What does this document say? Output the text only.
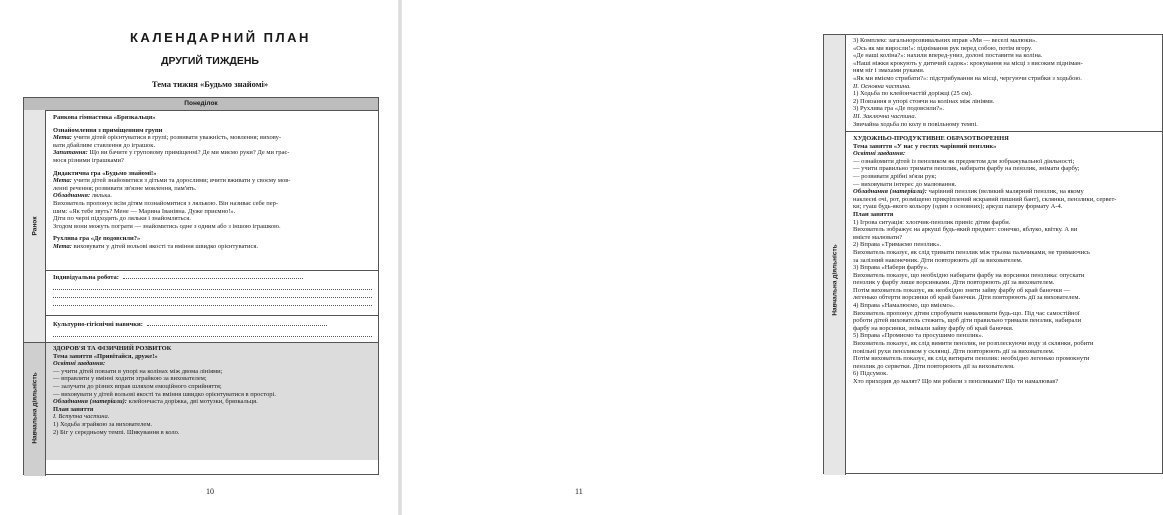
КАЛЕНДАРНИЙ ПЛАН
ДРУГИЙ ТИЖДЕНЬ
Тема тижня «Будьмо знайомі»
Понеділок
Ранок
Навчальна діяльність
Ранкова гімнастика «Брязкальця»
Ознайомлення з приміщенням групи
Мета: учити дітей орієнтуватися в групі; розвивати уважність, мовлення; вихову-
вати дбайливе ставлення до іграшок.
Запитання: Що ви бачите у груповому приміщенні? Де ми миємо руки? Де ми грає-
мося різними іграшками?
Дидактична гра «Будьмо знайомі!»
Мета: учити дітей знайомитися з дітьми та дорослими; вчити вживати у своєму мов-
ленні речення; розвивати зв'язне мовлення, пам'ять.
Обладнання: лялька.
Вихователь пропонує всім дітям познайомитися з лялькою. Він називає себе пер-
шим: «Як тебе звуть? Мене — Марина Іванівна. Дуже приємно!».
Діти по черзі підходять до ляльки і знайомляться.
Згодом вони можуть пограти — знайомитись одне з одним або з іншою іграшкою.
Рухлива гра «Де подовсили?»
Мета: виховувати у дітей вольові якості та вміння швидко орієнтуватися.
Індивідуальна робота:
Культурно-гігієнічні навички:
ЗДОРОВ'Я ТА ФІЗИЧНИЙ РОЗВИТОК
Тема заняття «Привітайся, друже!»
Освітні завдання:
— учити дітей повзати в упорі на колінах між двома лініями;
— вправляти у вмінні ходити зграйкою за вихователем;
— залучати до різних вправ шляхом емоційного сприйняття;
— виховувати у дітей вольові якості та вміння швидко орієнтуватися в просторі.
Обладнання (матеріали): клейончаста доріжка, дві мотузки, брязкальця.
План заняття
I. Вступна частина.
1) Ходьба зграйкою за вихователем.
2) Біг у середньому темпі. Шикування в коло.
10
Навчальна діяльність
3) Комплекс загальнорозвивальних вправ «Ми — веселі малюки».
«Ось як ми виросли!»: піднімання рук перед собою, потім вгору.
«Де наші коліна?»: нахили вперед-униз, долоні поставити на коліна.
«Наші ніжки крокують у дитячий садок»: крокування на місці з високим підніман-
ням ніг і змахами руками.
«Як ми вміємо стрибати?»: підстрибування на місці, чергуючи стрибки з ходьбою.
II. Основна частина.
1) Ходьба по клейончастій доріжці (25 см).
2) Повзання в упорі стоячи на колінах між лініями.
3) Рухлива гра «Де подовсили?».
III. Заключна частина.
Звичайна ходьба по колу в повільному темпі.
ХУДОЖНЬО-ПРОДУКТИВНЕ ОБРАЗОТВОРЕННЯ
Тема заняття «У нас у гостях чарівний пензлик»
Освітні завдання:
— ознайомити дітей із пензликом як предметом для зображувальної діяльності;
— учити правильно тримати пензлик, набирати фарбу на пензлик, знімати фарбу;
— розвивати дрібні м'язи рук;
— виховувати інтерес до малювання.
Обладнання (матеріали): чарівний пензлик (великий малярний пензлик, на якому
наклеєні очі, рот, розміщено прикріплений яскравий пишний бант), склянки, пензлики, сервет-
ки; гуаш будь-якого кольору (один з основних); аркуш паперу формату А-4.
План заняття
1) Ігрова ситуація: хлопчик-пензлик приніс дітям фарби.
Вихователь зображує на аркуші будь-який предмет: сонечко, яблуко, квітку. А ви
вмієте малювати?
2) Вправа «Тримаємо пензлик».
Вихователь показує, як слід тримати пензлик між трьома пальчиками, не тримаючись
за залізний наконечник. Діти повторюють дії за вихователем.
3) Вправа «Набери фарбу».
Вихователь показує, що необхідно набирати фарбу на ворсинки пензлика: опускати
пензлик у фарбу лише ворсинками. Діти повторюють дії за вихователем.
Потім вихователь показує, як необхідно зняти зайву фарбу об край баночки —
легенько обтерти ворсинки об край баночки. Діти повторюють дії за вихователем.
4) Вправа «Намалюємо, що вміємо».
Вихователь пропонує дітям спробувати намалювати будь-що. Під час самостійної
роботи дітей вихователь стежить, щоб діти правильно тримали пензлик, набирали
фарбу на ворсинки, знімали зайву фарбу об край баночки.
5) Вправа «Промиємо та просушимо пензлик».
Вихователь показує, як слід вимити пензлик, не розплескуючи воду зі склянки, робити
повільні рухи пензликом у склянці. Діти повторюють дії за вихователем.
Потім вихователь показує, як слід витирати пензлик: необхідно легенько промокнути
пензлик до серветки. Діти повторюють дії за вихователем.
6) Підсумок.
Хто приходив до малят? Що ми робили з пензликами? Що ти намалював?
11
